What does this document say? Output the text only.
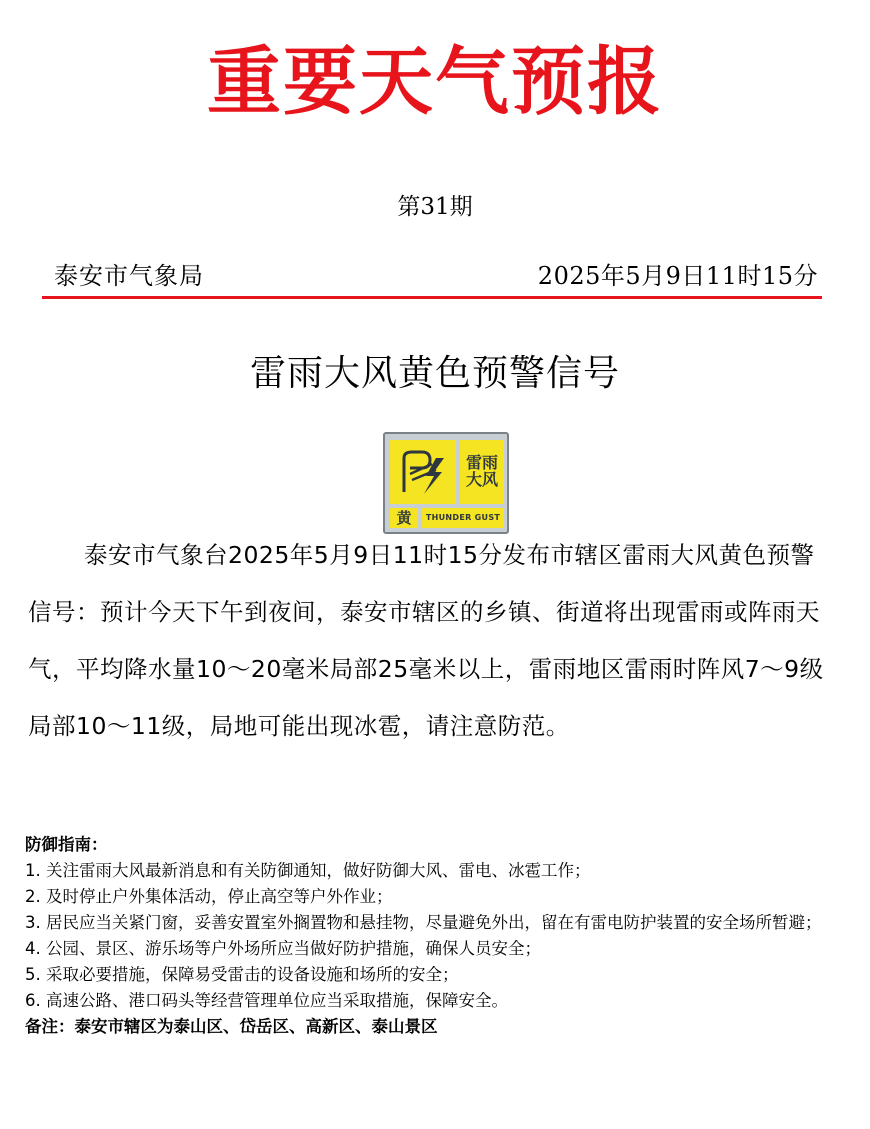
重要天气预报
第31期
泰安市气象局	2025年5月9日11时15分
雷雨大风黄色预警信号
雷雨
大风
黄	THUNDER GUST
泰安市气象台2025年5月9日11时15分发布市辖区雷雨大风黄色预警信号：预计今天下午到夜间，泰安市辖区的乡镇、街道将出现雷雨或阵雨天气，平均降水量10～20毫米局部25毫米以上，雷雨地区雷雨时阵风7～9级局部10～11级，局地可能出现冰雹，请注意防范。
防御指南：
1. 关注雷雨大风最新消息和有关防御通知，做好防御大风、雷电、冰雹工作；
2. 及时停止户外集体活动，停止高空等户外作业；
3. 居民应当关紧门窗，妥善安置室外搁置物和悬挂物，尽量避免外出，留在有雷电防护装置的安全场所暂避；
4. 公园、景区、游乐场等户外场所应当做好防护措施，确保人员安全；
5. 采取必要措施，保障易受雷击的设备设施和场所的安全；
6. 高速公路、港口码头等经营管理单位应当采取措施，保障安全。
备注：泰安市辖区为泰山区、岱岳区、高新区、泰山景区
